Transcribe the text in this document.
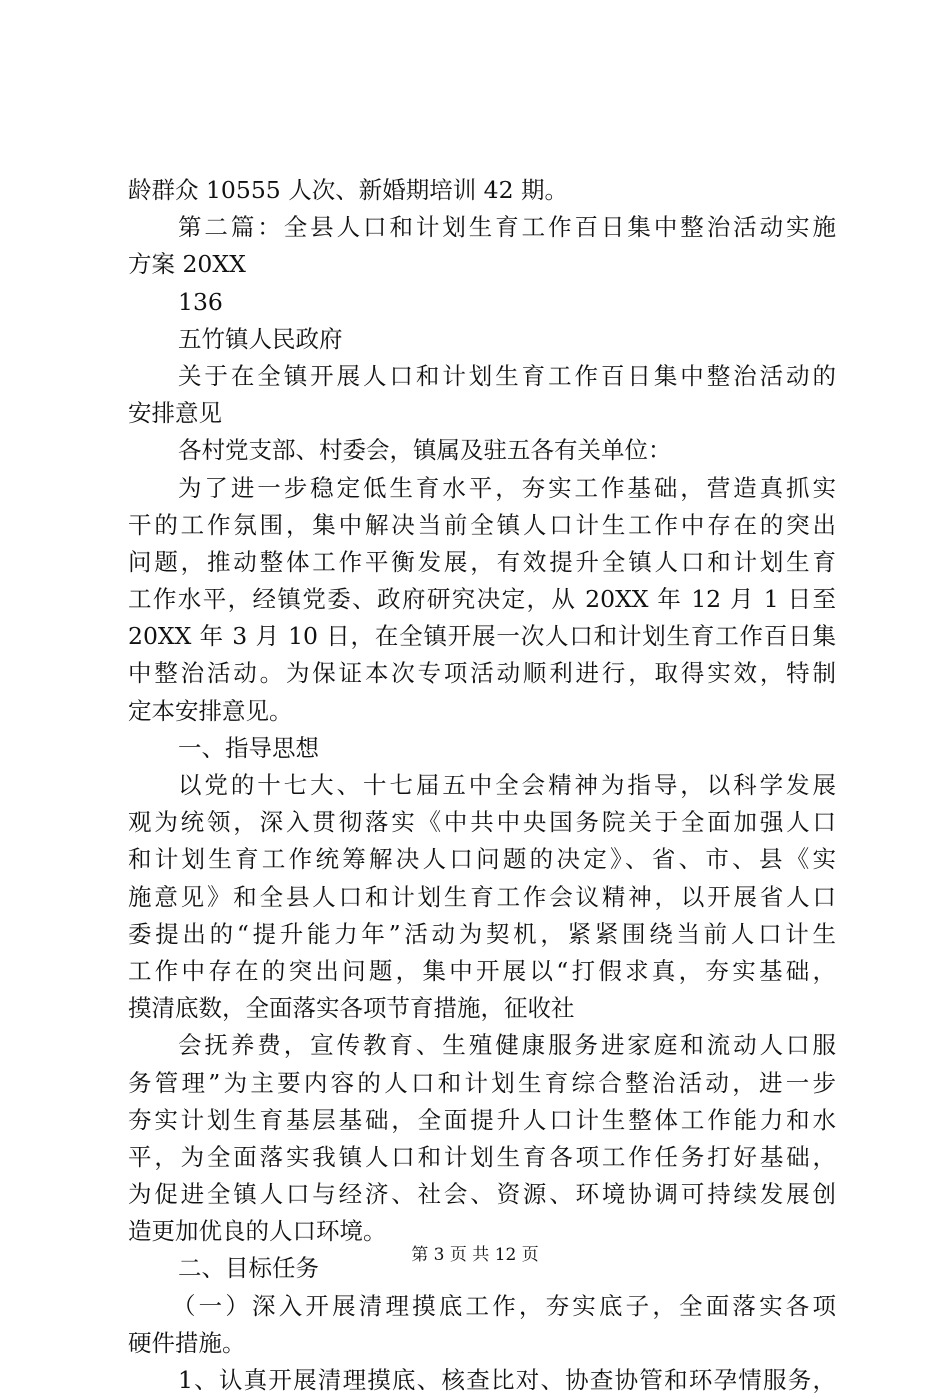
龄群众 10555 人次、新婚期培训 42 期。
第二篇：全县人口和计划生育工作百日集中整治活动实施
方案 20XX
136
五竹镇人民政府
关于在全镇开展人口和计划生育工作百日集中整治活动的
安排意见
各村党支部、村委会，镇属及驻五各有关单位：
为了进一步稳定低生育水平，夯实工作基础，营造真抓实
干的工作氛围，集中解决当前全镇人口计生工作中存在的突出
问题，推动整体工作平衡发展，有效提升全镇人口和计划生育
工作水平，经镇党委、政府研究决定，从 20XX 年 12 月 1 日至
20XX 年 3 月 10 日，在全镇开展一次人口和计划生育工作百日集
中整治活动。为保证本次专项活动顺利进行，取得实效，特制
定本安排意见。
一、指导思想
以党的十七大、十七届五中全会精神为指导，以科学发展
观为统领，深入贯彻落实《中共中央国务院关于全面加强人口
和计划生育工作统筹解决人口问题的决定》、省、市、县《实
施意见》和全县人口和计划生育工作会议精神，以开展省人口
委提出的“提升能力年”活动为契机，紧紧围绕当前人口计生
工作中存在的突出问题，集中开展以“打假求真，夯实基础，
摸清底数，全面落实各项节育措施，征收社
会抚养费，宣传教育、生殖健康服务进家庭和流动人口服
务管理”为主要内容的人口和计划生育综合整治活动，进一步
夯实计划生育基层基础，全面提升人口计生整体工作能力和水
平，为全面落实我镇人口和计划生育各项工作任务打好基础，
为促进全镇人口与经济、社会、资源、环境协调可持续发展创
造更加优良的人口环境。
二、目标任务
（一）深入开展清理摸底工作，夯实底子，全面落实各项
硬件措施。
1、认真开展清理摸底、核查比对、协查协管和环孕情服务，
第 3 页 共 12 页
